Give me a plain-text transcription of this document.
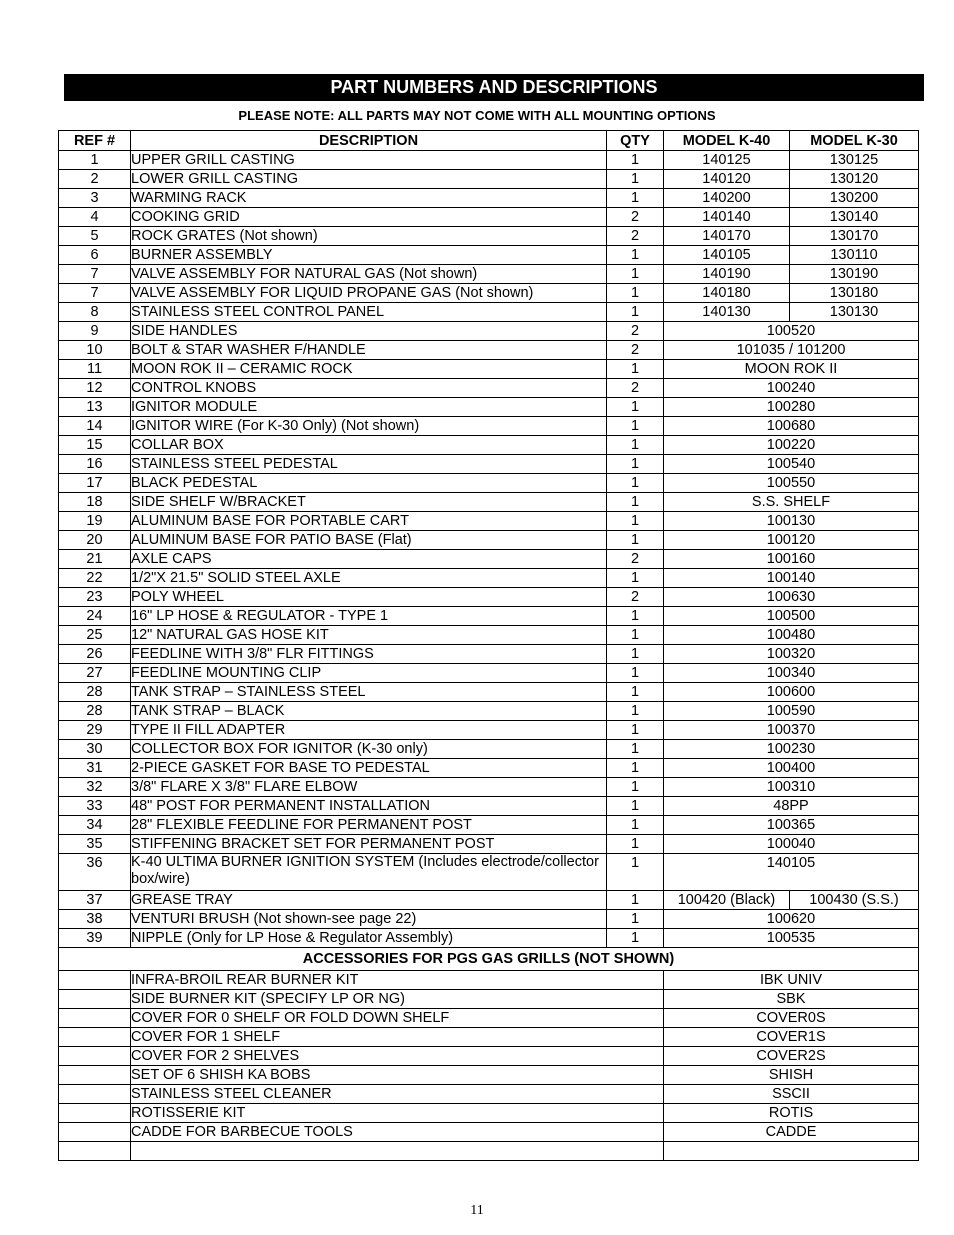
PART NUMBERS AND DESCRIPTIONS
PLEASE NOTE: ALL PARTS MAY NOT COME WITH ALL MOUNTING OPTIONS
REF #	DESCRIPTION	QTY	MODEL K-40	MODEL K-30
1	UPPER GRILL CASTING	1	140125	130125
2	LOWER GRILL CASTING	1	140120	130120
3	WARMING RACK	1	140200	130200
4	COOKING GRID	2	140140	130140
5	ROCK GRATES (Not shown)	2	140170	130170
6	BURNER ASSEMBLY	1	140105	130110
7	VALVE ASSEMBLY FOR NATURAL GAS (Not shown)	1	140190	130190
7	VALVE ASSEMBLY FOR LIQUID PROPANE GAS (Not shown)	1	140180	130180
8	STAINLESS STEEL CONTROL PANEL	1	140130	130130
9	SIDE HANDLES	2	100520	
10	BOLT & STAR WASHER F/HANDLE	2	101035 / 101200	
11	MOON ROK II – CERAMIC ROCK	1	MOON ROK II	
12	CONTROL KNOBS	2	100240	
13	IGNITOR MODULE	1	100280	
14	IGNITOR WIRE (For K-30 Only) (Not shown)	1	100680	
15	COLLAR BOX	1	100220	
16	STAINLESS STEEL PEDESTAL	1	100540	
17	BLACK PEDESTAL	1	100550	
18	SIDE SHELF W/BRACKET	1	S.S. SHELF	
19	ALUMINUM BASE FOR PORTABLE CART	1	100130	
20	ALUMINUM BASE FOR PATIO BASE (Flat)	1	100120	
21	AXLE CAPS	2	100160	
22	1/2"X 21.5" SOLID STEEL AXLE	1	100140	
23	POLY WHEEL	2	100630	
24	16" LP HOSE & REGULATOR - TYPE 1	1	100500	
25	12" NATURAL GAS HOSE KIT	1	100480	
26	FEEDLINE WITH 3/8" FLR FITTINGS	1	100320	
27	FEEDLINE MOUNTING CLIP	1	100340	
28	TANK STRAP – STAINLESS STEEL	1	100600	
28	TANK STRAP – BLACK	1	100590	
29	TYPE II FILL ADAPTER	1	100370	
30	COLLECTOR BOX FOR IGNITOR (K-30 only)	1	100230	
31	2-PIECE GASKET FOR BASE TO PEDESTAL	1	100400	
32	3/8" FLARE X 3/8" FLARE ELBOW	1	100310	
33	48" POST FOR PERMANENT INSTALLATION	1	48PP	
34	28" FLEXIBLE FEEDLINE FOR PERMANENT POST	1	100365	
35	STIFFENING BRACKET SET FOR PERMANENT POST	1	100040	
36	K-40 ULTIMA BURNER IGNITION SYSTEM (Includes electrode/collector box/wire)	1	140105	
37	GREASE TRAY	1	100420 (Black)	100430 (S.S.)
38	VENTURI BRUSH (Not shown-see page 22)	1	100620	
39	NIPPLE (Only for LP Hose & Regulator Assembly)	1	100535	
ACCESSORIES FOR PGS GAS GRILLS (NOT SHOWN)				
	INFRA-BROIL REAR BURNER KIT		IBK UNIV	
	SIDE BURNER KIT (SPECIFY LP OR NG)		SBK	
	COVER FOR 0 SHELF OR FOLD DOWN SHELF		COVER0S	
	COVER FOR 1 SHELF		COVER1S	
	COVER FOR 2 SHELVES		COVER2S	
	SET OF 6 SHISH KA BOBS		SHISH	
	STAINLESS STEEL CLEANER		SSCII	
	ROTISSERIE KIT		ROTIS	
	CADDE FOR BARBECUE TOOLS		CADDE	

11
